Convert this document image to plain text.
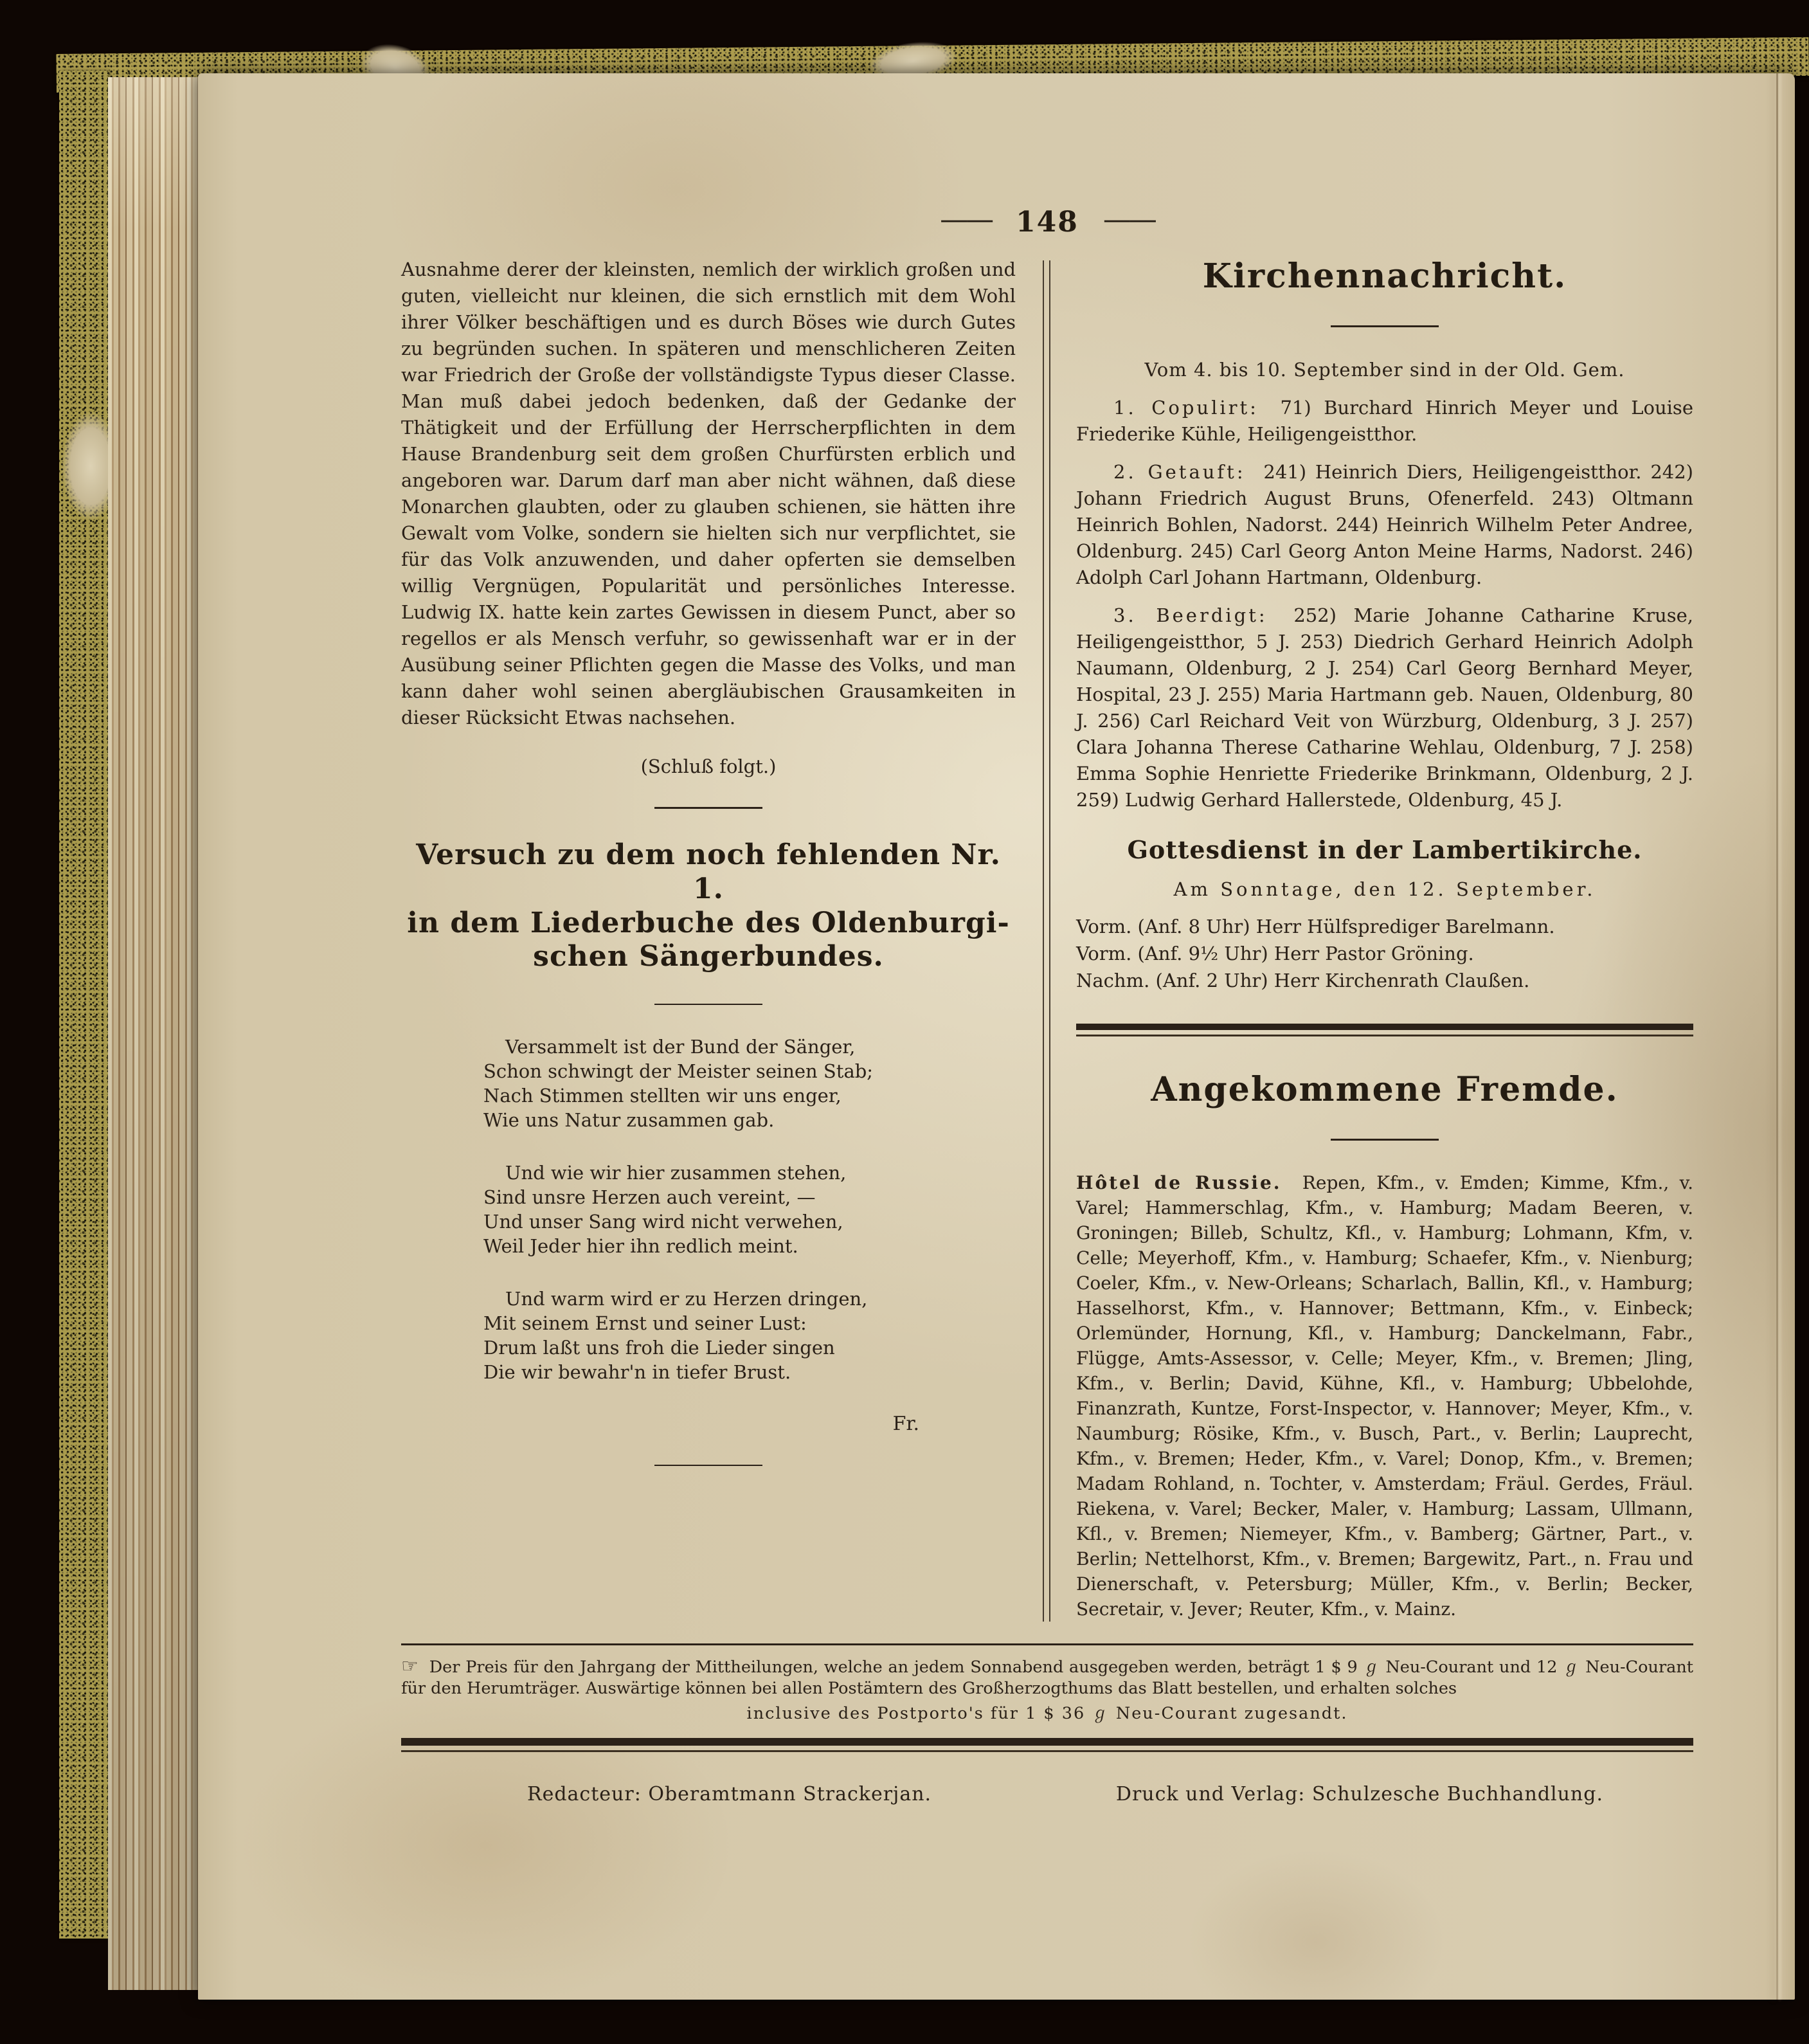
—— 148 ——

Ausnahme derer der kleinsten, nemlich der wirklich großen und guten, vielleicht nur kleinen, die sich ernstlich mit dem Wohl ihrer Völker beschäftigen und es durch Böses wie durch Gutes zu begründen suchen. In späteren und menschlicheren Zeiten war Friedrich der Große der vollständigste Typus dieser Classe. Man muß dabei jedoch bedenken, daß der Gedanke der Thätigkeit und der Erfüllung der Herrscherpflichten in dem Hause Brandenburg seit dem großen Churfürsten erblich und angeboren war. Darum darf man aber nicht wähnen, daß diese Monarchen glaubten, oder zu glauben schienen, sie hätten ihre Gewalt vom Volke, sondern sie hielten sich nur verpflichtet, sie für das Volk anzuwenden, und daher opferten sie demselben willig Vergnügen, Popularität und persönliches Interesse. Ludwig IX. hatte kein zartes Gewissen in diesem Punct, aber so regellos er als Mensch verfuhr, so gewissenhaft war er in der Ausübung seiner Pflichten gegen die Masse des Volks, und man kann daher wohl seinen abergläubischen Grausamkeiten in dieser Rücksicht Etwas nachsehen.

(Schluß folgt.)

Versuch zu dem noch fehlenden Nr. 1.
in dem Liederbuche des Oldenburgi-
schen Sängerbundes.
Versammelt ist der Bund der Sänger,
Schon schwingt der Meister seinen Stab;
Nach Stimmen stellten wir uns enger,
Wie uns Natur zusammen gab.
Und wie wir hier zusammen stehen,
Sind unsre Herzen auch vereint, —
Und unser Sang wird nicht verwehen,
Weil Jeder hier ihn redlich meint.
Und warm wird er zu Herzen dringen,
Mit seinem Ernst und seiner Lust:
Drum laßt uns froh die Lieder singen
Die wir bewahr'n in tiefer Brust.
Fr.
Kirchennachricht.

Vom 4. bis 10. September sind in der Old. Gem.

1. Copulirt: 71) Burchard Hinrich Meyer und Louise Friederike Kühle, Heiligengeistthor.

2. Getauft: 241) Heinrich Diers, Heiligengeistthor. 242) Johann Friedrich August Bruns, Ofenerfeld. 243) Oltmann Heinrich Bohlen, Nadorst. 244) Heinrich Wilhelm Peter Andree, Oldenburg. 245) Carl Georg Anton Meine Harms, Nadorst. 246) Adolph Carl Johann Hartmann, Oldenburg.

3. Beerdigt: 252) Marie Johanne Catharine Kruse, Heiligengeistthor, 5 J. 253) Diedrich Gerhard Heinrich Adolph Naumann, Oldenburg, 2 J. 254) Carl Georg Bernhard Meyer, Hospital, 23 J. 255) Maria Hartmann geb. Nauen, Oldenburg, 80 J. 256) Carl Reichard Veit von Würzburg, Oldenburg, 3 J. 257) Clara Johanna Therese Catharine Wehlau, Oldenburg, 7 J. 258) Emma Sophie Henriette Friederike Brinkmann, Oldenburg, 2 J. 259) Ludwig Gerhard Hallerstede, Oldenburg, 45 J.

Gottesdienst in der Lambertikirche.

Am Sonntage, den 12. September.

Vorm. (Anf. 8 Uhr) Herr Hülfsprediger Barelmann.
Vorm. (Anf. 9½ Uhr) Herr Pastor Gröning.
Nachm. (Anf. 2 Uhr) Herr Kirchenrath Claußen.
Angekommene Fremde.

Hôtel de Russie. Repen, Kfm., v. Emden; Kimme, Kfm., v. Varel; Hammerschlag, Kfm., v. Hamburg; Madam Beeren, v. Groningen; Billeb, Schultz, Kfl., v. Hamburg; Lohmann, Kfm, v. Celle; Meyerhoff, Kfm., v. Hamburg; Schaefer, Kfm., v. Nienburg; Coeler, Kfm., v. New-Orleans; Scharlach, Ballin, Kfl., v. Hamburg; Hasselhorst, Kfm., v. Hannover; Bettmann, Kfm., v. Einbeck; Orlemünder, Hornung, Kfl., v. Hamburg; Danckelmann, Fabr., Flügge, Amts-Assessor, v. Celle; Meyer, Kfm., v. Bremen; Jling, Kfm., v. Berlin; David, Kühne, Kfl., v. Hamburg; Ubbelohde, Finanzrath, Kuntze, Forst-Inspector, v. Hannover; Meyer, Kfm., v. Naumburg; Rösike, Kfm., v. Busch, Part., v. Berlin; Lauprecht, Kfm., v. Bremen; Heder, Kfm., v. Varel; Donop, Kfm., v. Bremen; Madam Rohland, n. Tochter, v. Amsterdam; Fräul. Gerdes, Fräul. Riekena, v. Varel; Becker, Maler, v. Hamburg; Lassam, Ullmann, Kfl., v. Bremen; Niemeyer, Kfm., v. Bamberg; Gärtner, Part., v. Berlin; Nettelhorst, Kfm., v. Bremen; Bargewitz, Part., n. Frau und Dienerschaft, v. Petersburg; Müller, Kfm., v. Berlin; Becker, Secretair, v. Jever; Reuter, Kfm., v. Mainz.

☞ Der Preis für den Jahrgang der Mittheilungen, welche an jedem Sonnabend ausgegeben werden, beträgt 1 $ 9 ℊ Neu-Courant und 12 ℊ Neu-Courant für den Herumträger. Auswärtige können bei allen Postämtern des Großherzogthums das Blatt bestellen, und erhalten solches

inclusive des Postporto's für 1 $ 36 ℊ Neu-Courant zugesandt.

Redacteur: Oberamtmann Strackerjan.	Druck und Verlag: Schulzesche Buchhandlung.
